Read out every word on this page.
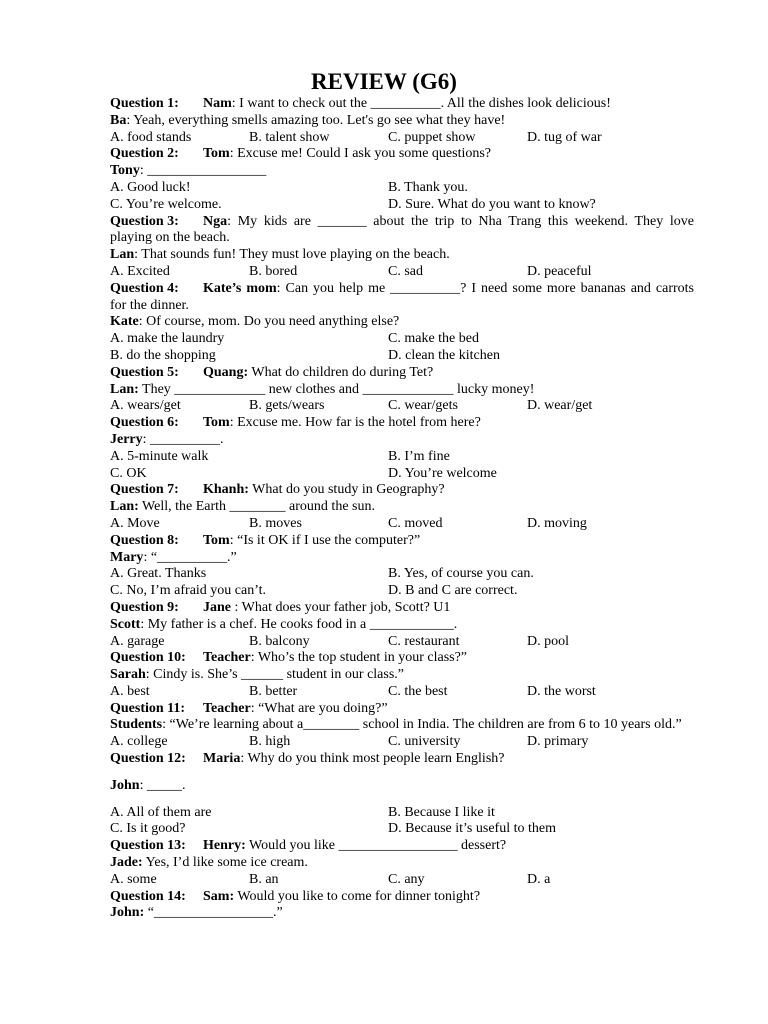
REVIEW (G6)
Question 1: Nam: I want to check out the __________. All the dishes look delicious!
Ba: Yeah, everything smells amazing too. Let's go see what they have!
A. food stands	B. talent show	C. puppet show	D. tug of war
Question 2: Tom: Excuse me! Could I ask you some questions?
Tony: _________________
A. Good luck!	B. Thank you.
C. You’re welcome.	D. Sure. What do you want to know?
Question 3: Nga: My kids are _______ about the trip to Nha Trang this weekend. They love playing on the beach.
Lan: That sounds fun! They must love playing on the beach.
A. Excited	B. bored	C. sad	D. peaceful
Question 4: Kate’s mom: Can you help me __________? I need some more bananas and carrots for the dinner.
Kate: Of course, mom. Do you need anything else?
A. make the laundry	C. make the bed
B. do the shopping	D. clean the kitchen
Question 5: Quang: What do children do during Tet?
Lan: They _____________ new clothes and _____________ lucky money!
A. wears/get	B. gets/wears	C. wear/gets	D. wear/get
Question 6: Tom: Excuse me. How far is the hotel from here?
Jerry: __________.
A. 5-minute walk	B. I’m fine
C. OK	D. You’re welcome
Question 7: Khanh: What do you study in Geography?
Lan: Well, the Earth ________ around the sun.
A. Move	B. moves	C. moved	D. moving
Question 8: Tom: “Is it OK if I use the computer?”
Mary: “__________.”
A. Great. Thanks	B. Yes, of course you can.
C. No, I’m afraid you can’t.	D. B and C are correct.
Question 9: Jane : What does your father job, Scott? U1
Scott: My father is a chef. He cooks food in a ____________.
A. garage	B. balcony	C. restaurant	D. pool
Question 10: Teacher: Who’s the top student in your class?”
Sarah: Cindy is. She’s ______ student in our class.”
A. best	B. better	C. the best	D. the worst
Question 11: Teacher: “What are you doing?”
Students: “We’re learning about a________ school in India. The children are from 6 to 10 years old.”
A. college	B. high	C. university	D. primary
Question 12: Maria: Why do you think most people learn English?
John: _____.
A. All of them are	B. Because I like it
C. Is it good?	D. Because it’s useful to them
Question 13: Henry: Would you like _________________ dessert?
Jade: Yes, I’d like some ice cream.
A. some	B. an	C. any	D. a
Question 14: Sam: Would you like to come for dinner tonight?
John: “_________________.”
